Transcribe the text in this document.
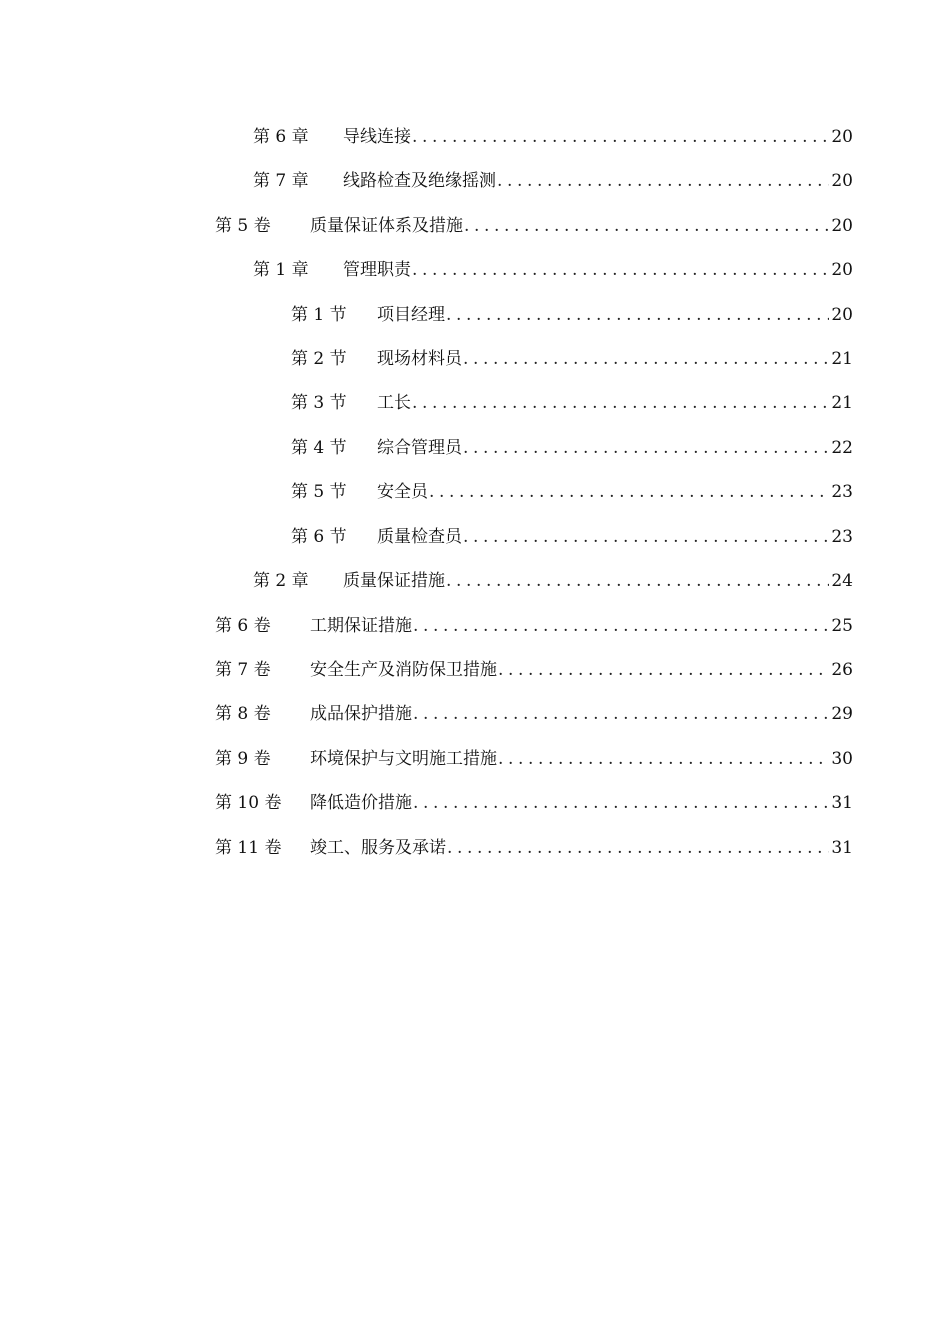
第 6 章	导线连接 .....	20
第 7 章	线路检查及绝缘摇测 .....	20
第 5 卷	质量保证体系及措施 .....	20
第 1 章	管理职责 .....	20
第 1 节	项目经理 .....	20
第 2 节	现场材料员 .....	21
第 3 节	工长 .....	21
第 4 节	综合管理员 .....	22
第 5 节	安全员 .....	23
第 6 节	质量检查员 .....	23
第 2 章	质量保证措施 .....	24
第 6 卷	工期保证措施 .....	25
第 7 卷	安全生产及消防保卫措施 .....	26
第 8 卷	成品保护措施 .....	29
第 9 卷	环境保护与文明施工措施 .....	30
第 10 卷	降低造价措施 .....	31
第 11 卷	竣工、服务及承诺 .....	31
